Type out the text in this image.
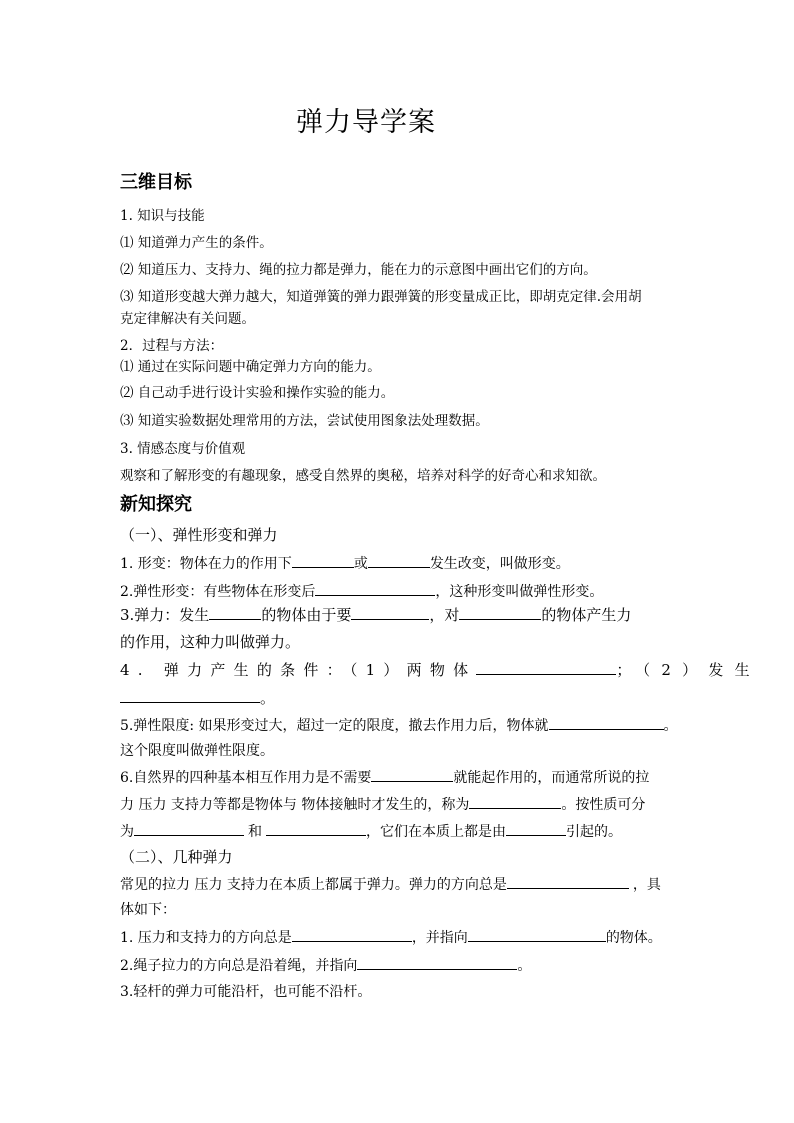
弹力导学案
三维目标
1. 知识与技能
⑴ 知道弹力产生的条件。
⑵ 知道压力、支持力、绳的拉力都是弹力，能在力的示意图中画出它们的方向。
⑶ 知道形变越大弹力越大，知道弹簧的弹力跟弹簧的形变量成正比，即胡克定律.会用胡
克定律解决有关问题。
2．过程与方法：
⑴ 通过在实际问题中确定弹力方向的能力。
⑵ 自己动手进行设计实验和操作实验的能力。
⑶ 知道实验数据处理常用的方法，尝试使用图象法处理数据。
3. 情感态度与价值观
观察和了解形变的有趣现象，感受自然界的奥秘，培养对科学的好奇心和求知欲。
新知探究
（一）、弹性形变和弹力
1. 形变：物体在力的作用下	或	发生改变，叫做形变。
2.弹性形变：有些物体在形变后	，这种形变叫做弹性形变。
3.弹力：发生	的物体由于要	，对	的物体产生力
的作用，这种力叫做弹力。
4. 弹力产生的条件：（1）两物体	；（2）发生
。
5.弹性限度: 如果形变过大，超过一定的限度，撤去作用力后，物体就	。
这个限度叫做弹性限度。
6.自然界的四种基本相互作用力是不需要	就能起作用的，而通常所说的拉
力 压力 支持力等都是物体与 物体接触时才发生的，称为	。按性质可分
为	和	，它们在本质上都是由	引起的。
（二）、几种弹力
常见的拉力 压力 支持力在本质上都属于弹力。弹力的方向总是	，具
体如下：
1. 压力和支持力的方向总是	，并指向	的物体。
2.绳子拉力的方向总是沿着绳，并指向	。
3.轻杆的弹力可能沿杆，也可能不沿杆。
